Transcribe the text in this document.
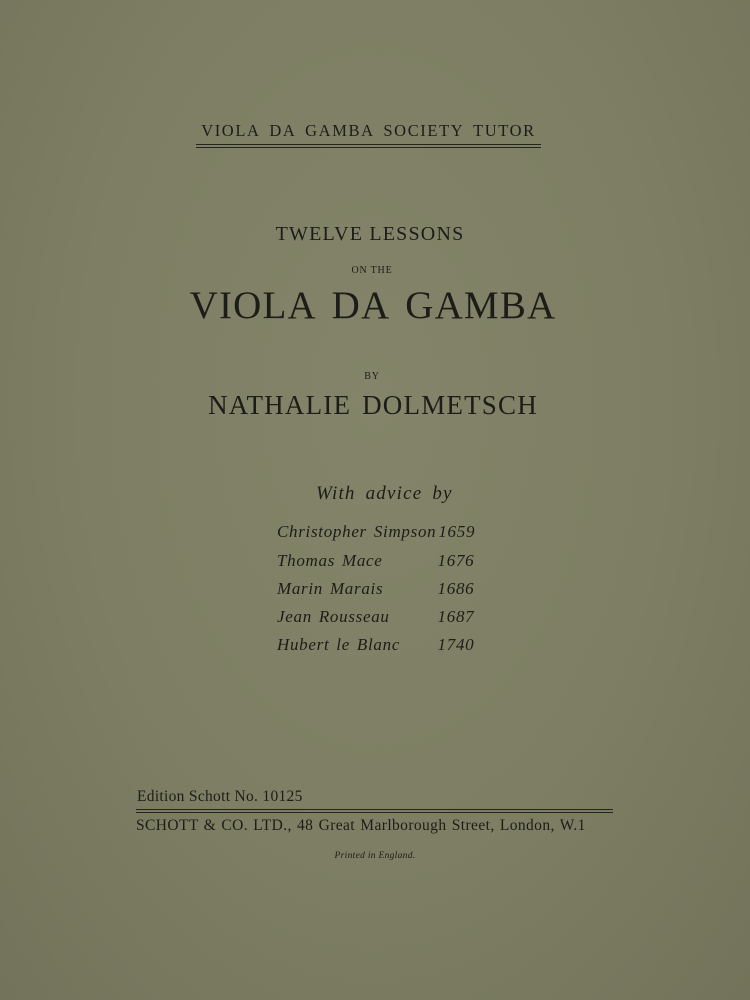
VIOLA DA GAMBA SOCIETY TUTOR
TWELVE LESSONS
ON THE
VIOLA DA GAMBA
BY
NATHALIE DOLMETSCH
With advice by
Christopher Simpson 1659
Thomas Mace	1676
Marin Marais	1686
Jean Rousseau	1687
Hubert le Blanc	1740
Edition Schott No. 10125
SCHOTT & CO. LTD., 48 Great Marlborough Street, London, W.1
Printed in England.
